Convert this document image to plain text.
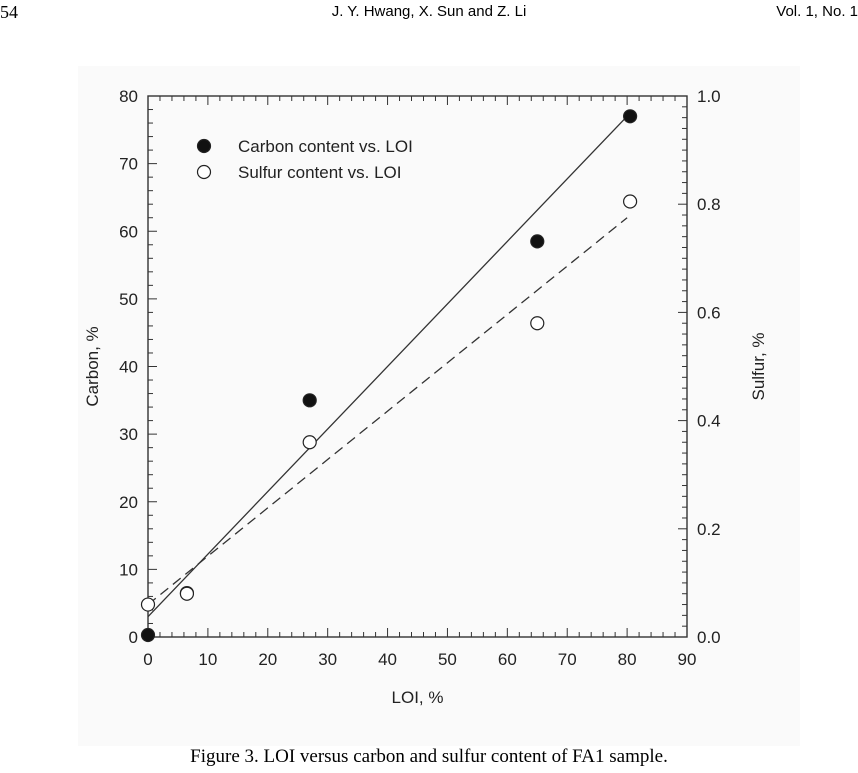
J. Y. Hwang, X. Sun and Z. Li
54	Vol. 1, No. 1
0	10 20 30 40 50 60 70 80 90
0
10
20
30
40
50
60
70
80
0.0
0.2
0.4
0.6
0.8
1.0
LOI, %
Carbon, %	Sulfur, %
Carbon content vs. LOI
Sulfur content vs. LOI
Figure 3. LOI versus carbon and sulfur content of FA1 sample.
